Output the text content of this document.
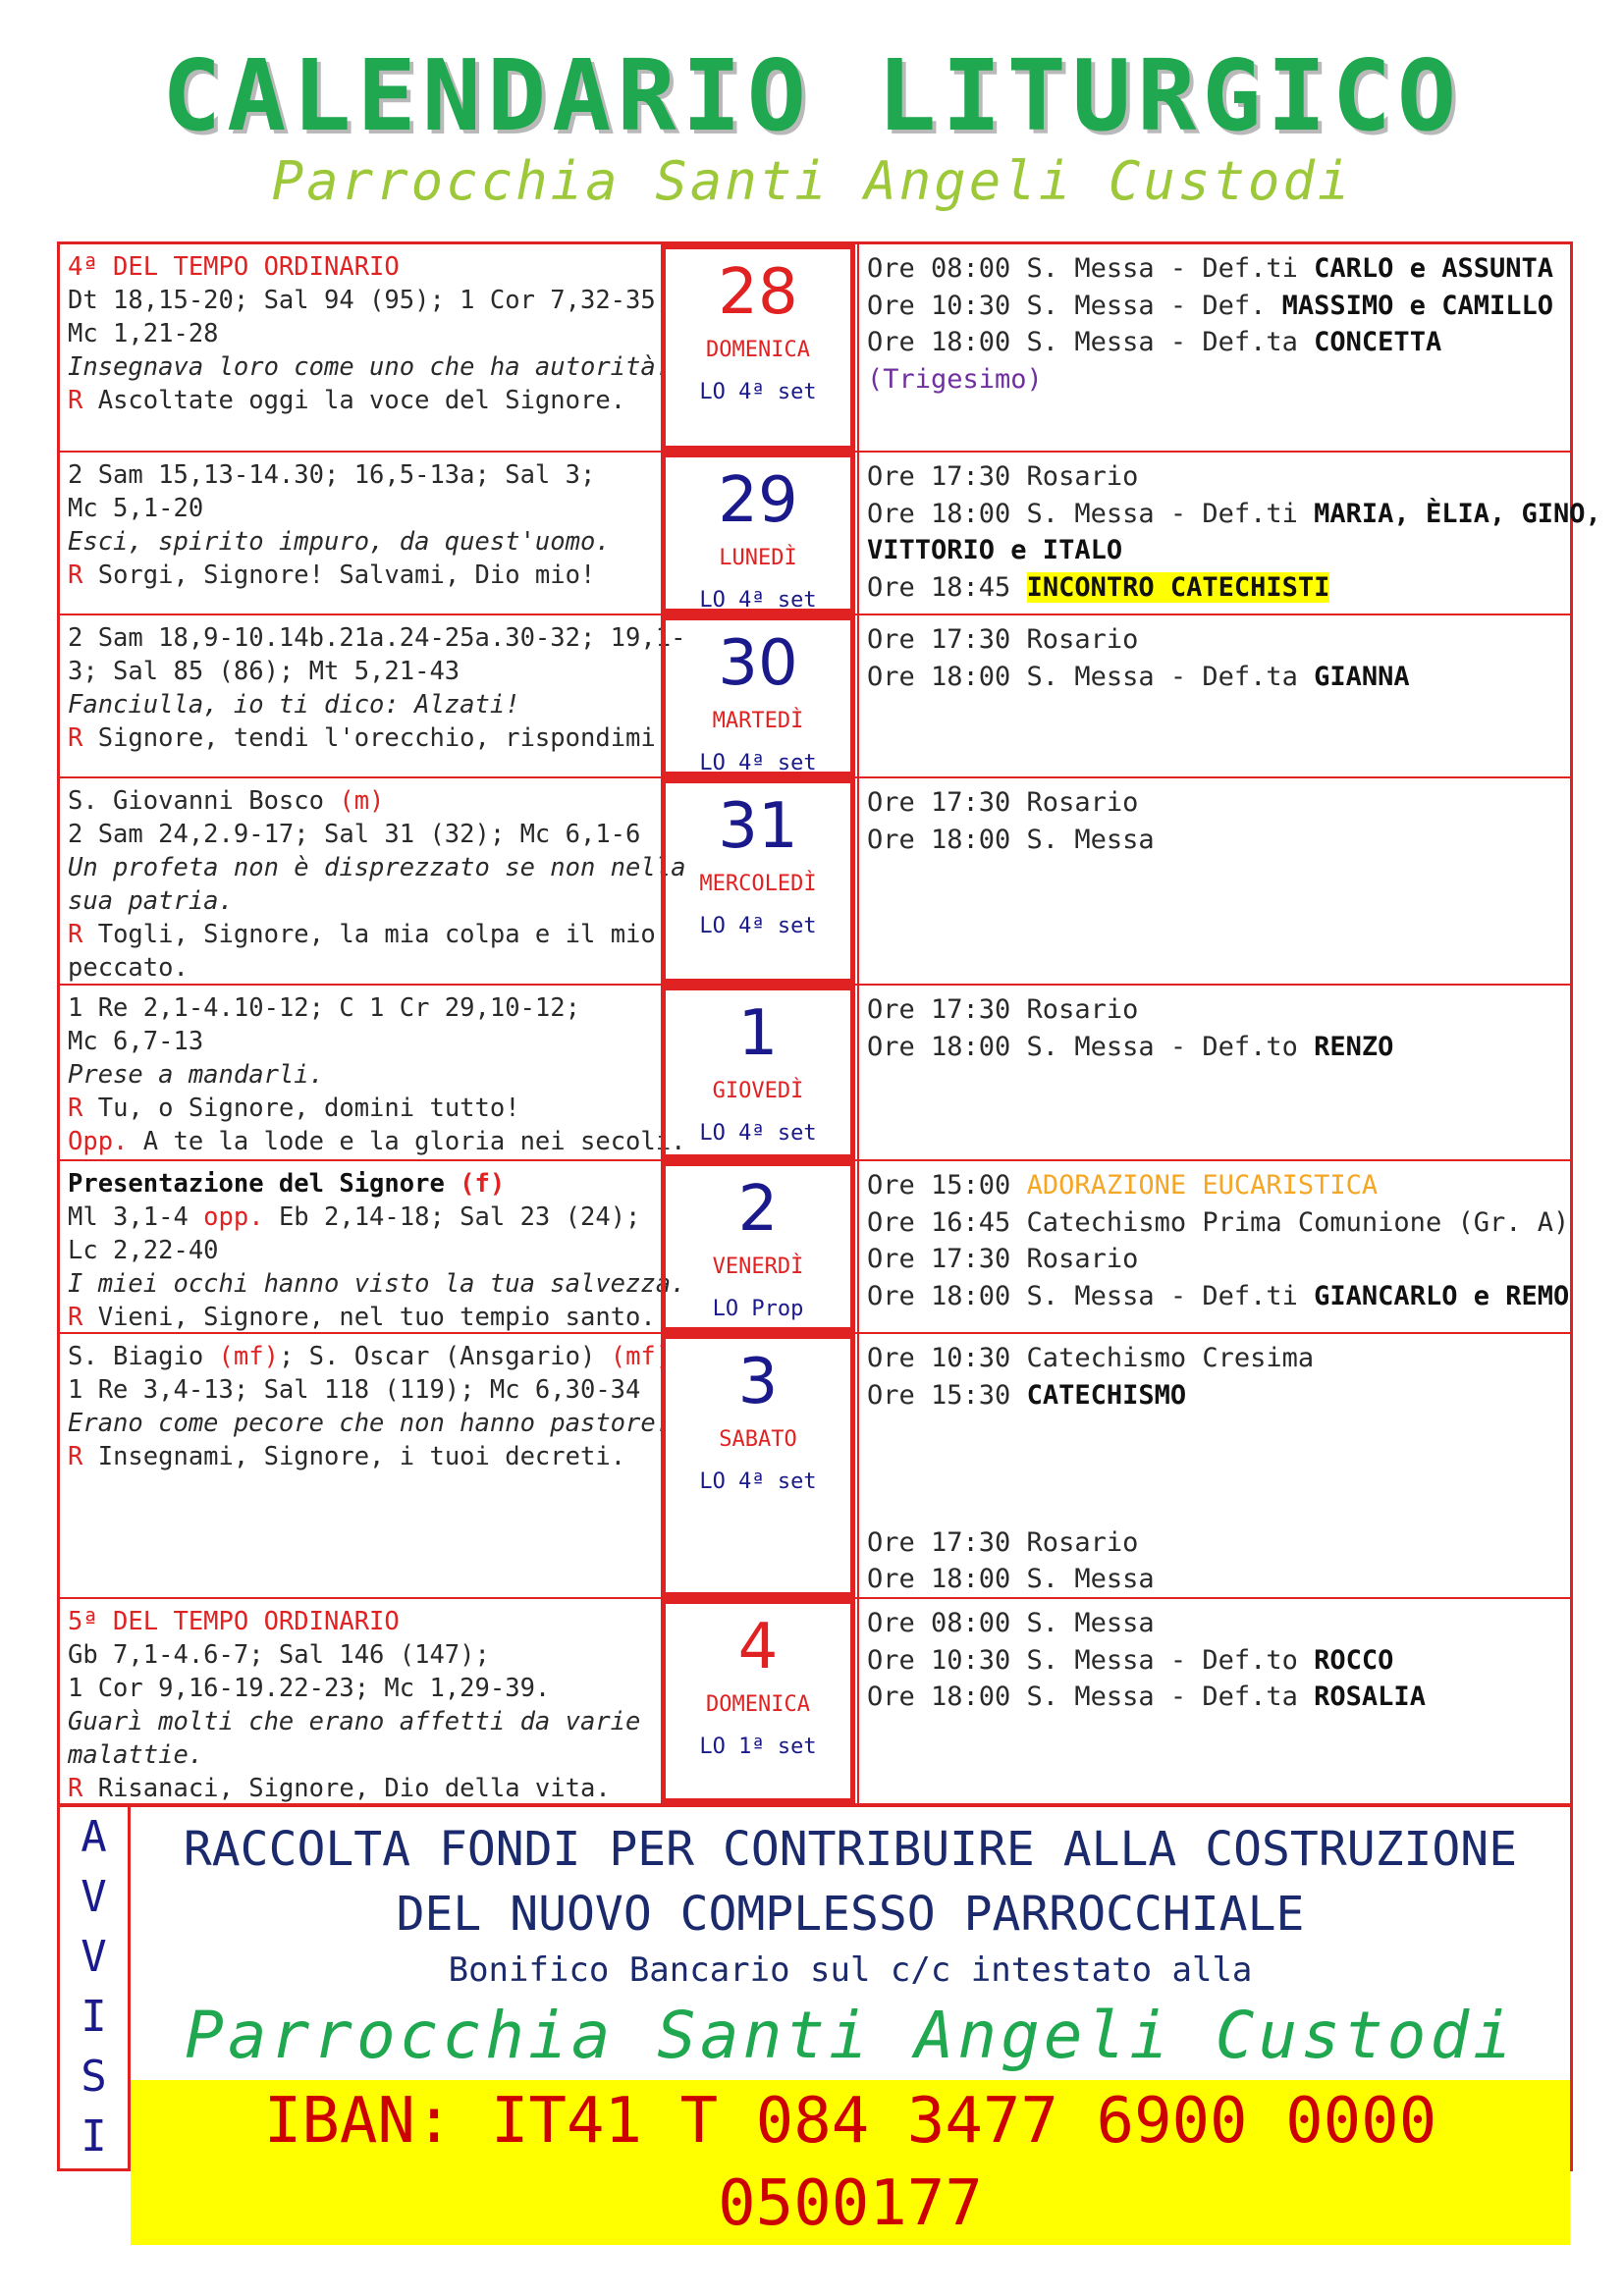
CALENDARIO LITURGICO
Parrocchia Santi Angeli Custodi
4ª DEL TEMPO ORDINARIO
Dt 18,15-20; Sal 94 (95); 1 Cor 7,32-35;
Mc 1,21-28
Insegnava loro come uno che ha autorità.
R Ascoltate oggi la voce del Signore.
28
DOMENICA
LO 4ª set
Ore 08:00 S. Messa - Def.ti CARLO e ASSUNTA
Ore 10:30 S. Messa - Def. MASSIMO e CAMILLO
Ore 18:00 S. Messa - Def.ta CONCETTA
(Trigesimo)
2 Sam 15,13-14.30; 16,5-13a; Sal 3;
Mc 5,1-20
Esci, spirito impuro, da quest'uomo.
R Sorgi, Signore! Salvami, Dio mio!
29
LUNEDÌ
LO 4ª set
Ore 17:30 Rosario
Ore 18:00 S. Messa - Def.ti MARIA, ÈLIA, GINO,
VITTORIO e ITALO
Ore 18:45 INCONTRO CATECHISTI
2 Sam 18,9-10.14b.21a.24-25a.30-32; 19,1-
3; Sal 85 (86); Mt 5,21-43
Fanciulla, io ti dico: Alzati!
R Signore, tendi l'orecchio, rispondimi.
30
MARTEDÌ
LO 4ª set
Ore 17:30 Rosario
Ore 18:00 S. Messa - Def.ta GIANNA
S. Giovanni Bosco (m)
2 Sam 24,2.9-17; Sal 31 (32); Mc 6,1-6
Un profeta non è disprezzato se non nella
sua patria.
R Togli, Signore, la mia colpa e il mio
peccato.
31
MERCOLEDÌ
LO 4ª set
Ore 17:30 Rosario
Ore 18:00 S. Messa
1 Re 2,1-4.10-12; C 1 Cr 29,10-12;
Mc 6,7-13
Prese a mandarli.
R Tu, o Signore, domini tutto!
Opp. A te la lode e la gloria nei secoli.
1
GIOVEDÌ
LO 4ª set
Ore 17:30 Rosario
Ore 18:00 S. Messa - Def.to RENZO
Presentazione del Signore (f)
Ml 3,1-4 opp. Eb 2,14-18; Sal 23 (24);
Lc 2,22-40
I miei occhi hanno visto la tua salvezza.
R Vieni, Signore, nel tuo tempio santo.
2
VENERDÌ
LO Prop
Ore 15:00 ADORAZIONE EUCARISTICA
Ore 16:45 Catechismo Prima Comunione (Gr. A)
Ore 17:30 Rosario
Ore 18:00 S. Messa - Def.ti GIANCARLO e REMO
S. Biagio (mf); S. Oscar (Ansgario) (mf)
1 Re 3,4-13; Sal 118 (119); Mc 6,30-34
Erano come pecore che non hanno pastore.
R Insegnami, Signore, i tuoi decreti.
3
SABATO
LO 4ª set
Ore 10:30 Catechismo Cresima
Ore 15:30 CATECHISMO
Ore 17:30 Rosario
Ore 18:00 S. Messa
5ª DEL TEMPO ORDINARIO
Gb 7,1-4.6-7; Sal 146 (147);
1 Cor 9,16-19.22-23; Mc 1,29-39.
Guarì molti che erano affetti da varie
malattie.
R Risanaci, Signore, Dio della vita.
4
DOMENICA
LO 1ª set
Ore 08:00 S. Messa
Ore 10:30 S. Messa - Def.to ROCCO
Ore 18:00 S. Messa - Def.ta ROSALIA
A
V
V
I
S
I
RACCOLTA FONDI PER CONTRIBUIRE ALLA COSTRUZIONE
DEL NUOVO COMPLESSO PARROCCHIALE
Bonifico Bancario sul c/c intestato alla
Parrocchia Santi Angeli Custodi
IBAN: IT41 T 084 3477 6900 0000 0500177
